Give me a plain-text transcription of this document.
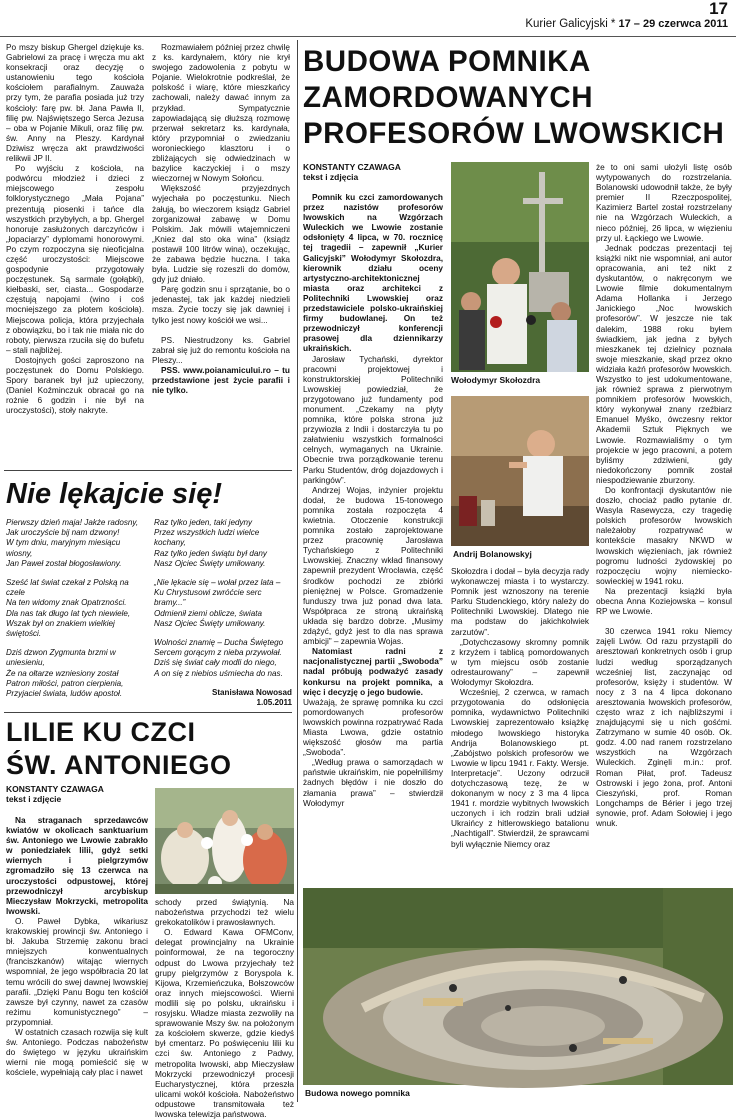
17
Kurier Galicyjski * 17 – 29 czerwca 2011

Po mszy biskup Ghergel dziękuje ks. Gabrielowi za pracę i wręcza mu akt konsekracji oraz decyzję o ustanowieniu tego kościoła kościołem parafialnym. Zauważa przy tym, że parafia posiada już trzy kościoły: farę pw. bł. Jana Pawła II, filię pw. Najświętszego Serca Jezusa – oba w Pojanie Mikuli, oraz filię pw. św. Anny na Pleszy. Kardynał Dziwisz wręcza akt prawdziwości relikwii JP II.

Po wyjściu z kościoła, na podwórcu młodzież i dzieci z miejscowego zespołu folklorystycznego „Mała Pojana” prezentują piosenki i tańce dla wszystkich przybyłych, a bp. Ghergel honoruje zasłużonych darczyńców i „łopaciarzy” dyplomami honorowymi. Po czym rozpoczyna się nieoficjalna część uroczystości: Miejscowe gospodynie przygotowały poczęstunek. Są sarmale (gołąbki), kiełbaski, ser, ciasta... Gospodarze częstują napojami (wino i coś mocniejszego za płotem kościoła). Miejscowa policja, która przyjechała z obowiązku, bo i tak nie miała nic do roboty, pierwsza rzuciła się do bufetu – stali najbliżej.

Dostojnych gości zaproszono na poczęstunek do Domu Polskiego. Spory baranek był już upieczony, (Daniel Koźminczuk obracał go na rożnie 6 godzin i nie był na uroczystości), stoły nakryte.

Rozmawiałem później przez chwilę z ks. kardynałem, który nie krył swojego zadowolenia z pobytu w Pojanie. Wielokrotnie podkreślał, że polskość i wiarę, które mieszkańcy zachowali, należy dawać innym za przykład. Sympatycznie zapowiadającą się dłuższą rozmowę przerwał sekretarz ks. kardynała, który przypomniał o zwiedzaniu woronieckiego klasztoru i o zbliżających się odwiedzinach w bazylice kaczyckiej i o mszy wieczornej w Nowym Sołońcu.

Większość przyjezdnych wyjechała po poczęstunku. Niech żałują, bo wieczorem ksiądz Gabriel zorganizował zabawę w Domu Polskim. Jak mówili wtajemniczeni „Kniez dal sto oka wina” (ksiądz postawił 100 litrów wina), oczekując, że zabawa będzie huczna. I taka była. Ludzie się rozeszli do domów, gdy już dniało.

Parę godzin snu i sprzątanie, bo o jedenastej, tak jak każdej niedzieli msza. Życie toczy się jak dawniej i tylko jest nowy kościół we wsi...

PS. Niestrudzony ks. Gabriel zabrał się już do remontu kościoła na Pleszy...

PSS. www.poianamicului.ro – tu przedstawione jest życie parafii i nie tylko.

Nie lękajcie się!
Pierwszy dzień maja! Jakże radosny,
Jak uroczyście bij nam dzwony!
W tym dniu, maryjnym miesiącu wiosny,
Jan Paweł został błogosławiony.
Sześć lat świat czekał z Polską na czele
Na ten widomy znak Opatrzności.
Dla nas tak długo lat tych niewiele,
Wszak był on znakiem wielkiej świętości.
Dziś dzwon Zygmunta brzmi w uniesieniu,
Że na ołtarze wzniesiony został
Patron miłości, patron cierpienia,
Przyjaciel świata, ludów apostoł.
Raz tylko jeden, taki jedyny
Przez wszystkich ludzi wielce kochany,
Raz tylko jeden świątu był dany
Nasz Ojciec Święty umiłowany.
„Nie lękacie się – wołał przez lata –
Ku Chrystusowi zwróćcie serc bramy...”
Odmienił ziemi oblicze, świata
Nasz Ojciec Święty umiłowany.
Wolności znamię – Ducha Świętego
Sercem gorącym z nieba przywołał.
Dziś się świat cały modli do niego,
A on się z niebios uśmiecha do nas.
Stanisława Nowosad
1.05.2011
LILIE KU CZCI
ŚW. ANTONIEGO
KONSTANTY CZAWAGA
tekst i zdjęcie

Na straganach sprzedawców kwiatów w okolicach sanktuarium św. Antoniego we Lwowie zabrakło w poniedziałek lilii, gdyż setki wiernych i pielgrzymów zgromadziło się 13 czerwca na uroczystości odpustowej, której przewodniczył arcybiskup Mieczysław Mokrzycki, metropolita lwowski.

O. Paweł Dybka, wikariusz krakowskiej prowincji św. Antoniego i bł. Jakuba Strzemię zakonu braci mniejszych konwentualnych (franciszkanów) witając wiernych wspomniał, że jego współbracia 20 lat temu wrócili do swej dawnej lwowskiej parafii. „Dzięki Panu Bogu ten kościół zawsze był czynny, nawet za czasów reżimu komunistycznego” – przypomniał.

W ostatnich czasach rozwija się kult św. Antoniego. Podczas nabożeństw do świętego w języku ukraińskim wierni nie mogą pomieścić się w kościele, wypełniają cały plac i nawet

schody przed świątynią. Na nabożeństwa przychodzi też wielu grekokatolików i prawosławnych.

O. Edward Kawa OFMConv, delegat prowincjalny na Ukrainie poinformował, że na tegoroczny odpust do Lwowa przyjechały też grupy pielgrzymów z Boryspola k. Kijowa, Krzemieńczuka, Bołszowców oraz innych miejscowości. Wierni modlili się po polsku, ukraińsku i rosyjsku. Władze miasta zezwoliły na sprawowanie Mszy św. na położonym za kościołem skwerze, gdzie kiedyś był cmentarz. Po poświęceniu lilii ku czci św. Antoniego z Padwy, metropolita lwowski, abp Mieczysław Mokrzycki przewodniczył procesji Eucharystycznej, która przeszła ulicami wokół kościoła. Nabożeństwo odpustowe transmitowała też lwowska telewizja państwowa.

BUDOWA POMNIKA
ZAMORDOWANYCH
PROFESORÓW LWOWSKICH
KONSTANTY CZAWAGA
tekst i zdjęcia

Pomnik ku czci zamordowanych przez nazistów profesorów lwowskich na Wzgórzach Wuleckich we Lwowie zostanie odsłonięty 4 lipca, w 70. rocznicę tej tragedii – zapewnił „Kurier Galicyjski” Wołodymyr Skołozdra, kierownik działu oceny artystyczno-architektonicznej miasta oraz architekci z Politechniki Lwowskiej oraz przedstawiciele polsko-ukraińskiej firmy budowlanej. On też przewodniczył konferencji prasowej dla dziennikarzy ukraińskich.

Jarosław Tychański, dyrektor pracowni projektowej i konstruktorskiej Politechniki Lwowskiej powiedział, że przygotowano już fundamenty pod monument. „Czekamy na płyty pomnika, które polska strona już przywiozła z Indii i dostarczyła tu po załatwieniu wszystkich formalności celnych, wymaganych na Ukrainie. Obecnie trwa porządkowanie terenu Parku Studentów, dróg dojazdowych i parkingów”.

Andrzej Wojas, inżynier projektu dodał, że budowa 15-tonowego pomnika została rozpoczęta 4 kwietnia. Otoczenie konstrukcji pomnika zostało zaprojektowane przez pracownię Jarosława Tychańskiego z Politechniki Lwowskiej. Znaczny wkład finansowy zapewnił prezydent Wrocławia, część środków pochodzi ze zbiórki pieniężnej w Polsce. Gromadzenie funduszy trwa już ponad dwa lata. Współpraca ze stroną ukraińską układa się bardzo dobrze. „Musimy zdążyć, gdyż jest to dla nas sprawa ambicji” – zapewnia Wojas.

Natomiast radni z nacjonalistycznej partii „Swoboda” nadal próbują podważyć zasady konkursu na projekt pomnika, a więc i decyzję o jego budowie.

Uważają, że sprawę pomnika ku czci pomordowanych profesorów lwowskich powinna rozpatrywać Rada Miasta Lwowa, gdzie ostatnio większość głosów ma partia „Swoboda”.

„Według prawa o samorządach w państwie ukraińskim, nie popełniliśmy żadnych błędów i nie doszło do złamania prawa” – stwierdził Wołodymyr

Wołodymyr Skołozdra
Andrij Bolanowskyj

Skołozdra i dodał – była decyzja rady wykonawczej miasta i to wystarczy. Pomnik jest wznoszony na terenie Parku Studenckiego, który należy do Politechniki Lwowskiej. Dlatego nie ma podstaw do jakichkolwiek zarzutów”.

„Dotychczasowy skromny pomnik z krzyżem i tablicą pomordowanych w tym miejscu osób zostanie odrestaurowany” – zapewnił Wołodymyr Skołozdra.

Wcześniej, 2 czerwca, w ramach przygotowania do odsłonięcia pomnika, wydawnictwo Politechniki Lwowskiej zaprezentowało książkę młodego lwowskiego historyka Andrija Bolanowskiego pt. „Zabójstwo polskich profesorów we Lwowie w lipcu 1941 r. Fakty. Wersje. Interpretacje”. Uczony odrzucił dotychczasową tezę, że w dokonanym w nocy z 3 ma 4 lipca 1941 r. mordzie wybitnych lwowskich uczonych i ich rodzin brali udział Ukraińcy z hitlerowskiego batalionu „Nachtigall”. Stwierdził, że sprawcami byli wyłącznie Niemcy oraz

że to oni sami ułożyli listę osób wytypowanych do rozstrzelania. Bolanowski udowodnił także, że były premier II Rzeczpospolitej, Kazimierz Bartel został rozstrzelany nie na Wzgórzach Wuleckich, a nieco później, 26 lipca, w więzieniu przy ul. Łąckiego we Lwowie.

Jednak podczas prezentacji tej książki nikt nie wspomniał, ani autor opracowania, ani też nikt z dyskutantów, o nakręconym we Lwowie filmie dokumentalnym Adama Hollanka i Jerzego Janickiego „Noc lwowskich profesorów”. W jeszcze nie tak dalekim, 1988 roku byłem świadkiem, jak jedna z byłych mieszkanek tej dzielnicy poznała swoje mieszkanie, skąd przez okno widziała każń profesorów lwowskich. Wszystko to jest udokumentowane, jak również sprawa z pierwotnym pomnikiem profesorów lwowskich, który wykonywał znany rzeźbiarz Emanuel Myśko, ówczesny rektor Akademii Sztuk Pięknych we Lwowie. Rozmawialiśmy o tym projekcie w jego pracowni, a potem byliśmy zdziwieni, gdy niedokończony pomnik został niespodziewanie zburzony.

Do konfrontacji dyskutantów nie doszło, chociaż padło pytanie dr. Wasyla Rasewycza, czy tragedię polskich profesorów lwowskich należałoby rozpatrywać w kontekście masakry NKWD w lwowskich więzieniach, jak również pogromu ludności żydowskiej po rozpoczęciu wojny niemiecko-sowieckiej w 1941 roku.

Na prezentacji książki była obecna Anna Koziejowska – konsul RP we Lwowie.

30 czerwca 1941 roku Niemcy zajęli Lwów. Od razu przystąpili do aresztowań konkretnych osób i grup ludzi według sporządzanych wcześniej list, zaczynając od profesorów, księży i studentów. W nocy z 3 na 4 lipca dokonano aresztowania lwowskich profesorów, często wraz z ich najbliższymi i znajdującymi się u nich gośćmi. Zatrzymano w sumie 40 osób. Ok. godz. 4.00 nad ranem rozstrzelano wszystkich na Wzgórzach Wuleckich. Zginęli m.in.: prof. Roman Piłat, prof. Tadeusz Ostrowski i jego żona, prof. Antoni Cieszyński, prof. Roman Longchamps de Bérier i jego trzej synowie, prof. Adam Sołowiej i jego wnuk.

Budowa nowego pomnika
